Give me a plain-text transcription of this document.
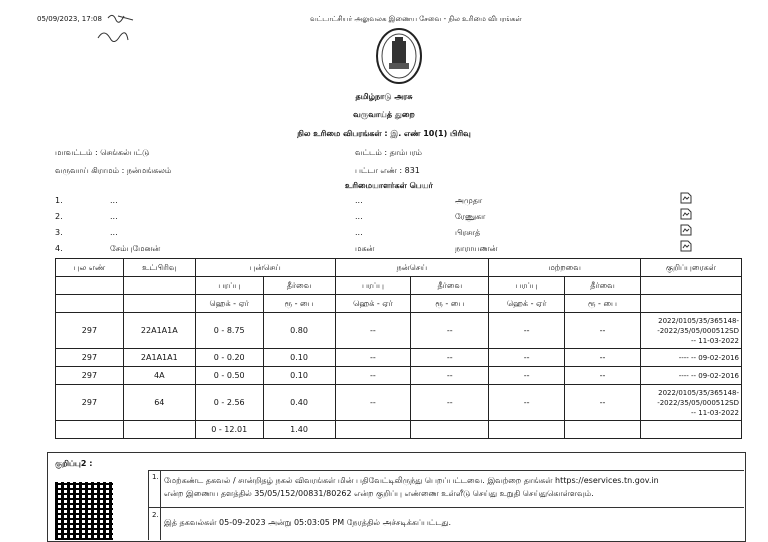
05/09/2023, 17:08	வட்டாட்சியர் அலுவலக இணைய சேவை - நில உரிமை விபரங்கள்
தமிழ்நாடு அரசு
வருவாய்த் துறை
நில உரிமை விபரங்கள் : இ. எண் 10(1) பிரிவு
மாவட்டம் : செங்கல்பட்டு	வட்டம் : தாம்பரம்
வருவாய் கிராமம் : நன்மங்கலம்	பட்டா எண் : 831
உரிமையாளர்கள் பெயர்
1.	...	...	அமுதா
2.	...	...	ரேணுகா
3.	...	...	பிரசாத்
4.	சேம்புமேனன்	மகன்	நாராயணன்
புல எண்	உட்பிரிவு	புன்செய்		நன்செய்		மற்றவை		குறிப்புரைகள்
		பரப்பு	தீர்வை	பரப்பு	தீர்வை	பரப்பு	தீர்வை	
		ஹெக் - ஏர்	ரூ - பை	ஹெக் - ஏர்	ரூ - பை	ஹெக் - ஏர்	ரூ - பை	
297	22A1A1A	0 - 8.75	0.80	--	--	--	--	2022/0105/35/365148-
-2022/35/05/000512SD
-- 11-03-2022

297	2A1A1A1	0 - 0.20	0.10	--	--	--	--	---- -- 09-02-2016

297	4A	0 - 0.50	0.10	--	--	--	--	---- -- 09-02-2016

297	64	0 - 2.56	0.40	--	--	--	--	2022/0105/35/365148-
-2022/35/05/000512SD
-- 11-03-2022

		0 - 12.01	1.40					
குறிப்பு2 :
1. மேற்கண்ட தகவல் / சான்றிதழ் நகல் விவரங்கள் மின் பதிவேட்டிலிருந்து பெறப்பட்டவை. இவற்றை தாங்கள் https://eservices.tn.gov.in
என்ற இணைய தளத்தில் 35/05/152/00831/80262 என்ற குறிப்பு எண்ணை உள்ளீடு செய்து உறுதி செய்துகொள்ளவும்.
2.
இத் தகவல்கள் 05-09-2023 அன்று 05:03:05 PM நேரத்தில் அச்சடிக்கப்பட்டது.
